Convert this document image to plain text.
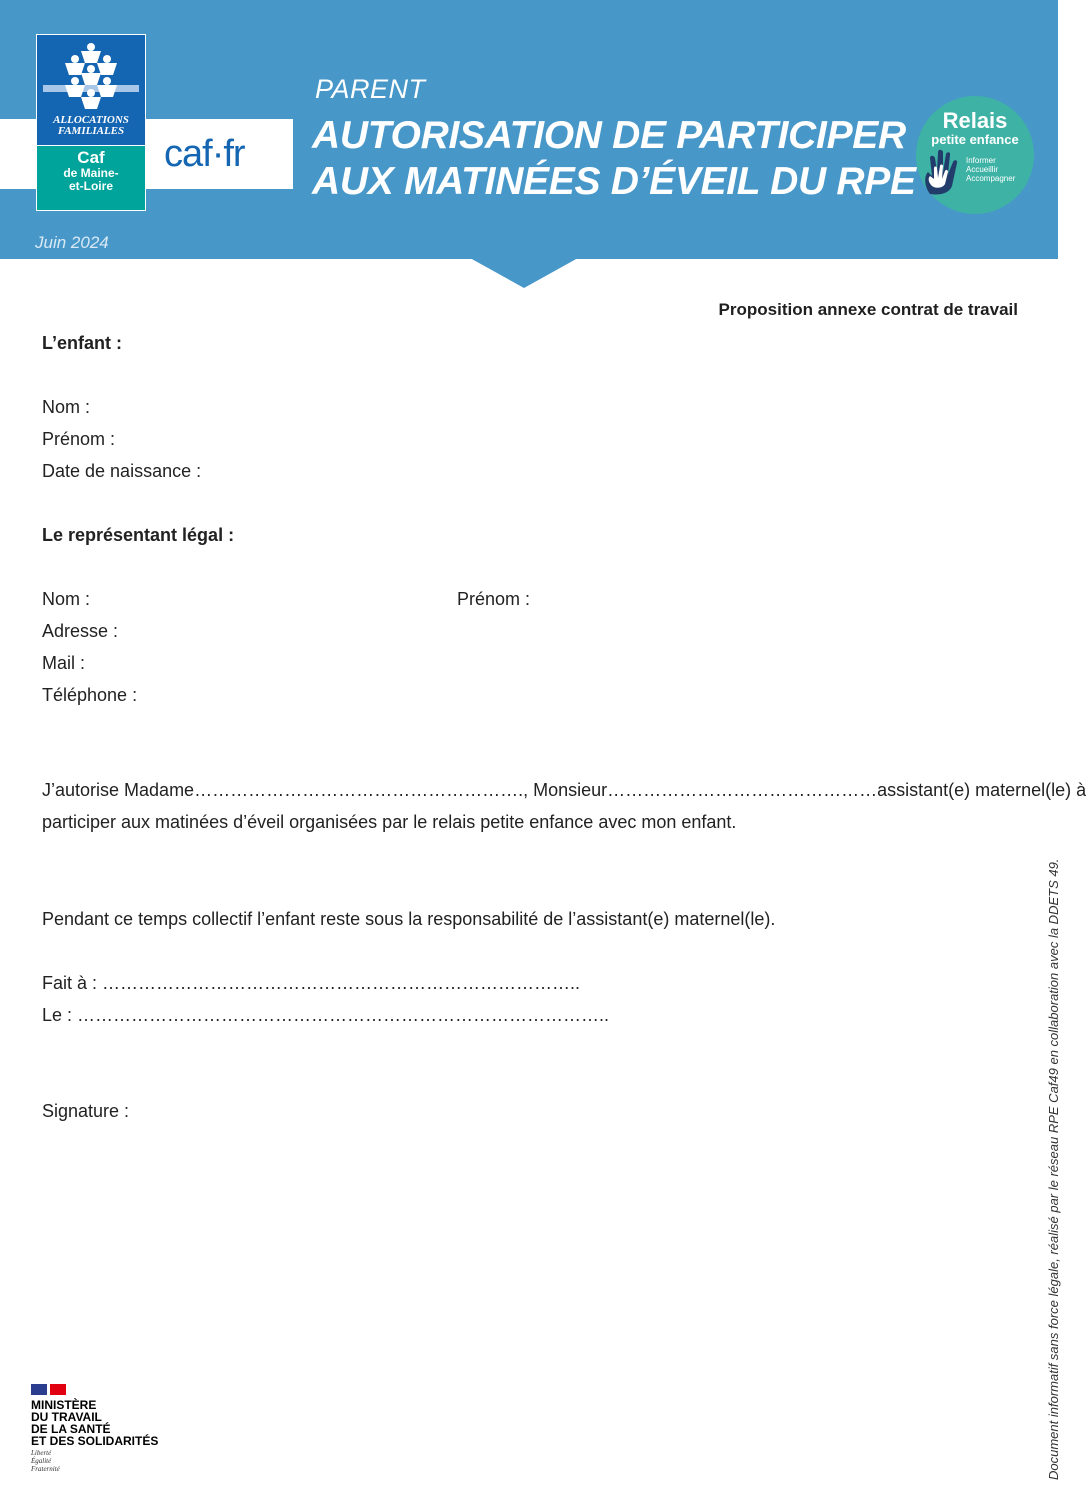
ALLOCATIONS
FAMILIALES
Caf
de Maine-
et-Loire
caf·fr
Juin 2024
PARENT
AUTORISATION DE PARTICIPER
AUX MATINÉES D’ÉVEIL DU RPE
Relais
petite enfance
Informer
Accueillir
Accompagner
Proposition annexe contrat de travail
L’enfant :
Nom :
Prénom :
Date de naissance :
Le représentant légal :
Nom :	Prénom :
Adresse :
Mail :
Téléphone :
J’autorise Madame………………………………………………., Monsieur………………………………………assistant(e) maternel(le) à
participer aux matinées d’éveil organisées par le relais petite enfance avec mon enfant.
Pendant ce temps collectif l’enfant reste sous la responsabilité de l’assistant(e) maternel(le).
Fait à : ……………………………………………………………………..
Le : ……………………………………………………………………………..
Signature :	Document informatif sans force légale, réalisé par le réseau RPE Caf49 en collaboration avec la DDETS 49.
MINISTÈRE
DU TRAVAIL
DE LA SANTÉ
ET DES SOLIDARITÉS
Liberté
Égalité
Fraternité
